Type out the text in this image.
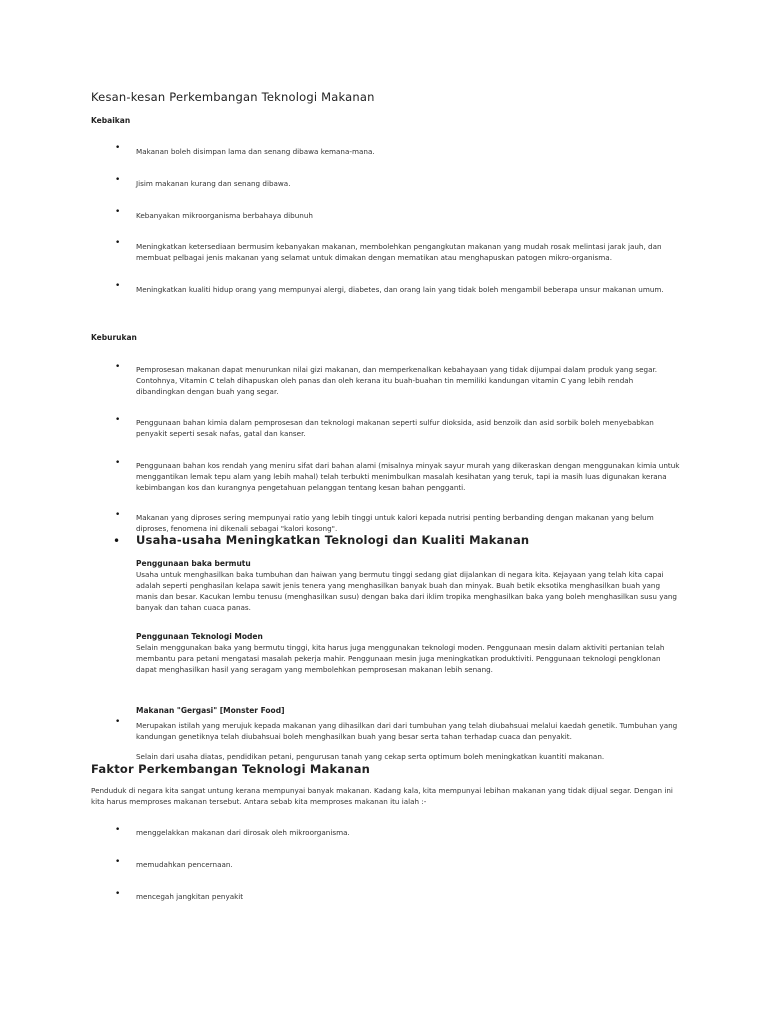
Kesan-kesan Perkembangan Teknologi Makanan
Kebaikan
• Makanan boleh disimpan lama dan senang dibawa kemana-mana.
• Jisim makanan kurang dan senang dibawa.
• Kebanyakan mikroorganisma berbahaya dibunuh
• Meningkatkan ketersediaan bermusim kebanyakan makanan, membolehkan pengangkutan makanan yang mudah rosak melintasi jarak jauh, dan membuat pelbagai jenis makanan yang selamat untuk dimakan dengan mematikan atau menghapuskan patogen mikro-organisma.
• Meningkatkan kualiti hidup orang yang mempunyai alergi, diabetes, dan orang lain yang tidak boleh mengambil beberapa unsur makanan umum.
Keburukan
• Pemprosesan makanan dapat menurunkan nilai gizi makanan, dan memperkenalkan kebahayaan yang tidak dijumpai dalam produk yang segar. Contohnya, Vitamin C telah dihapuskan oleh panas dan oleh kerana itu buah-buahan tin memiliki kandungan vitamin C yang lebih rendah dibandingkan dengan buah yang segar.
• Penggunaan bahan kimia dalam pemprosesan dan teknologi makanan seperti sulfur dioksida, asid benzoik dan asid sorbik boleh menyebabkan penyakit seperti sesak nafas, gatal dan kanser.
• Penggunaan bahan kos rendah yang meniru sifat dari bahan alami (misalnya minyak sayur murah yang dikeraskan dengan menggunakan kimia untuk menggantikan lemak tepu alam yang lebih mahal) telah terbukti menimbulkan masalah kesihatan yang teruk, tapi ia masih luas digunakan kerana kebimbangan kos dan kurangnya pengetahuan pelanggan tentang kesan bahan pengganti.
• Makanan yang diproses sering mempunyai ratio yang lebih tinggi untuk kalori kepada nutrisi penting berbanding dengan makanan yang belum diproses, fenomena ini dikenali sebagai "kalori kosong".
• Usaha-usaha Meningkatkan Teknologi dan Kualiti Makanan
Penggunaan baka bermutu
Usaha untuk menghasilkan baka tumbuhan dan haiwan yang bermutu tinggi sedang giat dijalankan di negara kita. Kejayaan yang telah kita capai adalah seperti penghasilan kelapa sawit jenis tenera yang menghasilkan banyak buah dan minyak. Buah betik eksotika menghasilkan buah yang manis dan besar. Kacukan lembu tenusu (menghasilkan susu) dengan baka dari iklim tropika menghasilkan baka yang boleh menghasilkan susu yang banyak dan tahan cuaca panas.
Penggunaan Teknologi Moden
Selain menggunakan baka yang bermutu tinggi, kita harus juga menggunakan teknologi moden. Penggunaan mesin dalam aktiviti pertanian telah membantu para petani mengatasi masalah pekerja mahir. Penggunaan mesin juga meningkatkan produktiviti. Penggunaan teknologi pengklonan dapat menghasilkan hasil yang seragam yang membolehkan pemprosesan makanan lebih senang.
Makanan "Gergasi" [Monster Food]
• Merupakan istilah yang merujuk kepada makanan yang dihasilkan dari dari tumbuhan yang telah diubahsuai melalui kaedah genetik. Tumbuhan yang kandungan genetiknya telah diubahsuai boleh menghasilkan buah yang besar serta tahan terhadap cuaca dan penyakit.
Selain dari usaha diatas, pendidikan petani, pengurusan tanah yang cekap serta optimum boleh meningkatkan kuantiti makanan.
Faktor Perkembangan Teknologi Makanan
Penduduk di negara kita sangat untung kerana mempunyai banyak makanan. Kadang kala, kita mempunyai lebihan makanan yang tidak dijual segar. Dengan ini kita harus memproses makanan tersebut. Antara sebab kita memproses makanan itu ialah :-
• menggelakkan makanan dari dirosak oleh mikroorganisma.
• memudahkan pencernaan.
• mencegah jangkitan penyakit
